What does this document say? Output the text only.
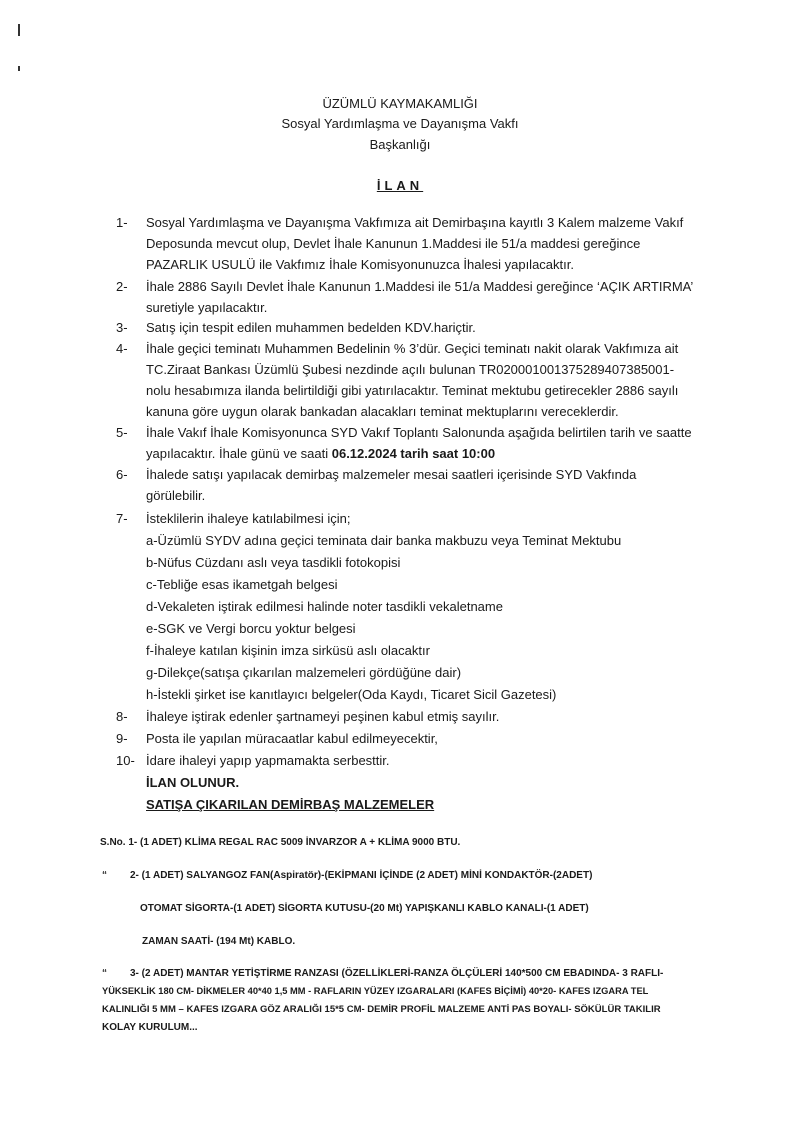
ÜZÜMLÜ KAYMAKAMLIĞI
Sosyal Yardımlaşma ve Dayanışma Vakfı
Başkanlığı
İLAN
1- Sosyal Yardımlaşma ve Dayanışma Vakfımıza ait Demirbaşına kayıtlı 3 Kalem malzeme Vakıf
Deposunda mevcut olup, Devlet İhale Kanunun 1.Maddesi ile 51/a maddesi gereğince
PAZARLIK USULÜ ile Vakfımız İhale Komisyonunuzca İhalesi yapılacaktır.
2- İhale 2886 Sayılı Devlet İhale Kanunun 1.Maddesi ile 51/a Maddesi gereğince ‘AÇIK ARTIRMA’
suretiyle yapılacaktır.
3- Satış için tespit edilen muhammen bedelden KDV.hariçtir.
4- İhale geçici teminatı Muhammen Bedelinin % 3’dür. Geçici teminatı nakit olarak Vakfımıza ait
TC.Ziraat Bankası Üzümlü Şubesi nezdinde açılı bulunan TR020001001375289407385001-
nolu hesabımıza ilanda belirtildiği gibi yatırılacaktır. Teminat mektubu getirecekler 2886 sayılı
kanuna göre uygun olarak bankadan alacakları teminat mektuplarını vereceklerdir.
5- İhale Vakıf İhale Komisyonunca SYD Vakıf Toplantı Salonunda aşağıda belirtilen tarih ve saatte
yapılacaktır. İhale günü ve saati 06.12.2024 tarih saat 10:00
6- İhalede satışı yapılacak demirbaş malzemeler mesai saatleri içerisinde SYD Vakfında
görülebilir.
7- İsteklilerin ihaleye katılabilmesi için;
a-Üzümlü SYDV adına geçici teminata dair banka makbuzu veya Teminat Mektubu
b-Nüfus Cüzdanı aslı veya tasdikli fotokopisi
c-Tebliğe esas ikametgah belgesi
d-Vekaleten iştirak edilmesi halinde noter tasdikli vekaletname
e-SGK ve Vergi borcu yoktur belgesi
f-İhaleye katılan kişinin imza sirküsü aslı olacaktır
g-Dilekçe(satışa çıkarılan malzemeleri gördüğüne dair)
h-İstekli şirket ise kanıtlayıcı belgeler(Oda Kaydı, Ticaret Sicil Gazetesi)
8- İhaleye iştirak edenler şartnameyi peşinen kabul etmiş sayılır.
9- Posta ile yapılan müracaatlar kabul edilmeyecektir,
10- İdare ihaleyi yapıp yapmamakta serbesttir.
İLAN OLUNUR.
SATIŞA ÇIKARILAN DEMİRBAŞ MALZEMELER
S.No. 1- (1 ADET) KLİMA REGAL RAC 5009 İNVARZOR A + KLİMA 9000 BTU.
“ 2- (1 ADET) SALYANGOZ FAN(Aspiratör)-(EKİPMANI İÇİNDE (2 ADET) MİNİ KONDAKTÖR-(2ADET)
OTOMAT SİGORTA-(1 ADET) SİGORTA KUTUSU-(20 Mt) YAPIŞKANLI KABLO KANALI-(1 ADET)
ZAMAN SAATİ- (194 Mt) KABLO.
“ 3- (2 ADET) MANTAR YETİŞTİRME RANZASI (ÖZELLİKLERİ-RANZA ÖLÇÜLERİ 140*500 CM EBADINDA- 3 RAFLI-
YÜKSEKLİK 180 CM- DİKMELER 40*40 1,5 MM - RAFLARIN YÜZEY IZGARALARI (KAFES BİÇİMİ) 40*20- KAFES IZGARA TEL
KALINLIĞI 5 MM – KAFES IZGARA GÖZ ARALIĞI 15*5 CM- DEMİR PROFİL MALZEME ANTİ PAS BOYALI- SÖKÜLÜR TAKILIR
KOLAY KURULUM...
